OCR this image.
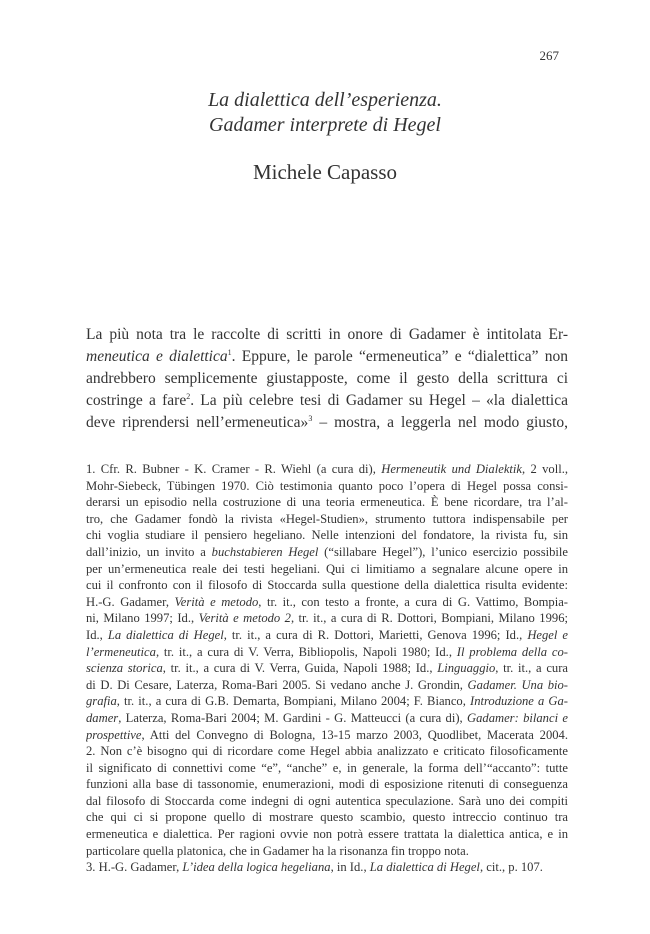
267
La dialettica dell’esperienza.
Gadamer interprete di Hegel
Michele Capasso
La più nota tra le raccolte di scritti in onore di Gadamer è intitolata Er-
meneutica e dialettica$^1$. Eppure, le parole “ermeneutica” e “dialettica” non
andrebbero semplicemente giustapposte, come il gesto della scrittura ci
costringe a fare$^2$. La più celebre tesi di Gadamer su Hegel – «la dialettica
deve riprendersi nell’ermeneutica»$^3$ – mostra, a leggerla nel modo giusto,
1. Cfr. R. Bubner - K. Cramer - R. Wiehl (a cura di), Hermeneutik und Dialektik, 2 voll.,
Mohr-Siebeck, Tübingen 1970. Ciò testimonia quanto poco l’opera di Hegel possa consi-
derarsi un episodio nella costruzione di una teoria ermeneutica. È bene ricordare, tra l’al-
tro, che Gadamer fondò la rivista «Hegel-Studien», strumento tuttora indispensabile per
chi voglia studiare il pensiero hegeliano. Nelle intenzioni del fondatore, la rivista fu, sin
dall’inizio, un invito a buchstabieren Hegel (“sillabare Hegel”), l’unico esercizio possibile
per un’ermeneutica reale dei testi hegeliani. Qui ci limitiamo a segnalare alcune opere in
cui il confronto con il filosofo di Stoccarda sulla questione della dialettica risulta evidente:
H.-G. Gadamer, Verità e metodo, tr. it., con testo a fronte, a cura di G. Vattimo, Bompia-
ni, Milano 1997; Id., Verità e metodo 2, tr. it., a cura di R. Dottori, Bompiani, Milano 1996;
Id., La dialettica di Hegel, tr. it., a cura di R. Dottori, Marietti, Genova 1996; Id., Hegel e
l’ermeneutica, tr. it., a cura di V. Verra, Bibliopolis, Napoli 1980; Id., Il problema della co-
scienza storica, tr. it., a cura di V. Verra, Guida, Napoli 1988; Id., Linguaggio, tr. it., a cura
di D. Di Cesare, Laterza, Roma-Bari 2005. Si vedano anche J. Grondin, Gadamer. Una bio-
grafia, tr. it., a cura di G.B. Demarta, Bompiani, Milano 2004; F. Bianco, Introduzione a Ga-
damer, Laterza, Roma-Bari 2004; M. Gardini - G. Matteucci (a cura di), Gadamer: bilanci e
prospettive, Atti del Convegno di Bologna, 13-15 marzo 2003, Quodlibet, Macerata 2004.
2. Non c’è bisogno qui di ricordare come Hegel abbia analizzato e criticato filosoficamente
il significato di connettivi come “e”, “anche” e, in generale, la forma dell’“accanto”: tutte
funzioni alla base di tassonomie, enumerazioni, modi di esposizione ritenuti di conseguenza
dal filosofo di Stoccarda come indegni di ogni autentica speculazione. Sarà uno dei compiti
che qui ci si propone quello di mostrare questo scambio, questo intreccio continuo tra
ermeneutica e dialettica. Per ragioni ovvie non potrà essere trattata la dialettica antica, e in
particolare quella platonica, che in Gadamer ha la risonanza fin troppo nota.
3. H.-G. Gadamer, L’idea della logica hegeliana, in Id., La dialettica di Hegel, cit., p. 107.
